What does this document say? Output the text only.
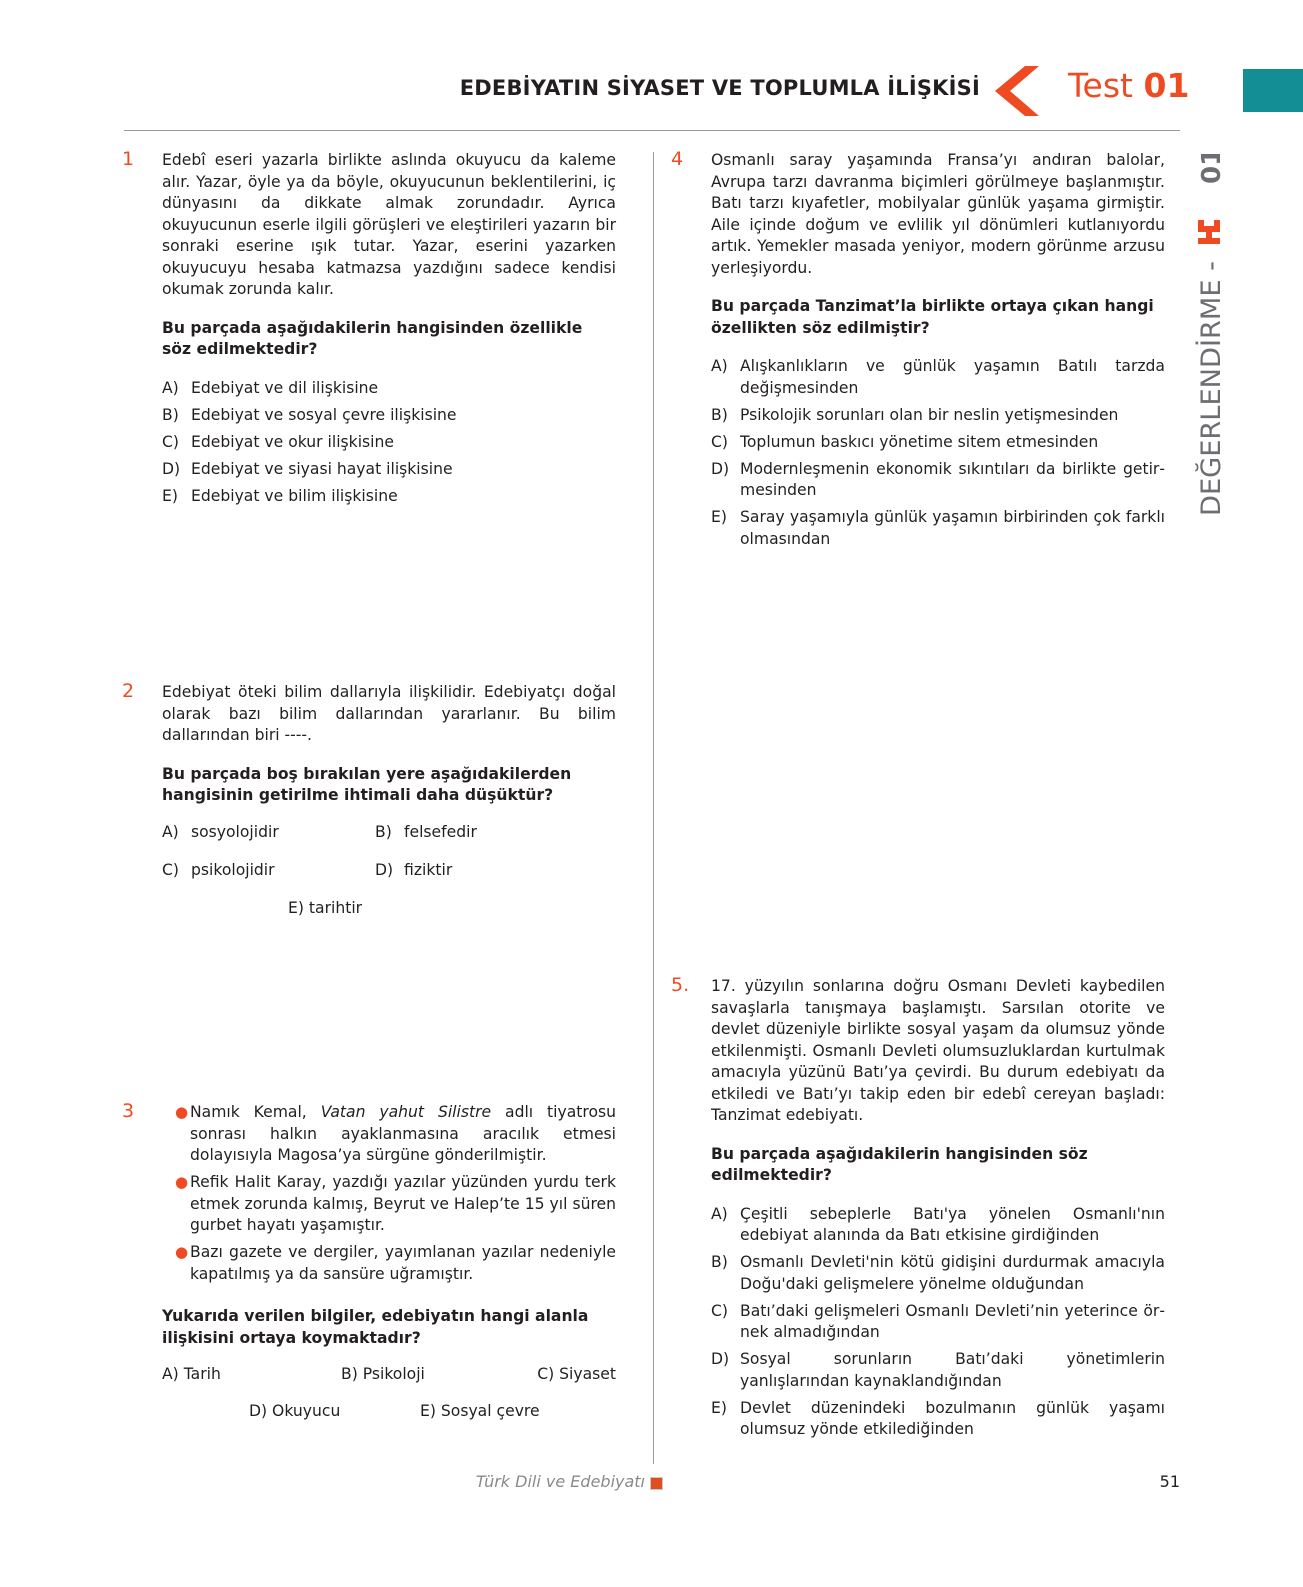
EDEBİYATIN SİYASET VE TOPLUMLA İLİŞKİSİ	Test 01
01
DEĞERLENDİRME -
1 Edebî eseri yazarla birlikte aslında okuyucu da kaleme alır. Yazar, öyle ya da böyle, okuyucunun beklentilerini, iç dünyasını da dikkate almak zorundadır. Ayrıca okuyucunun eserle ilgili görüşleri ve eleştirileri yazarın bir sonraki eserine ışık tutar. Yazar, eserini yazarken okuyucuyu hesaba katmazsa yazdığını sadece kendisi okumak zorunda kalır.
Bu parçada aşağıdakilerin hangisinden özellikle söz edilmektedir?
A) Edebiyat ve dil ilişkisine
B) Edebiyat ve sosyal çevre ilişkisine
C) Edebiyat ve okur ilişkisine
D) Edebiyat ve siyasi hayat ilişkisine
E) Edebiyat ve bilim ilişkisine
2 Edebiyat öteki bilim dallarıyla ilişkilidir. Edebiyatçı doğal olarak bazı bilim dallarından yararlanır. Bu bilim dallarından biri ----.
Bu parçada boş bırakılan yere aşağıdakilerden hangisinin getirilme ihtimali daha düşüktür?
A) sosyolojidir	B) felsefedir
C) psikolojidir	D) fiziktir
E) tarihtir
3	● Namık Kemal, Vatan yahut Silistre adlı tiyatrosu sonrası halkın ayaklanmasına aracılık etmesi dolayısıyla Magosa’ya sürgüne gönderilmiştir.
● Refik Halit Karay, yazdığı yazılar yüzünden yurdu terk etmek zorunda kalmış, Beyrut ve Halep’te 15 yıl süren gurbet hayatı yaşamıştır.
● Bazı gazete ve dergiler, yayımlanan yazılar nedeniyle kapatılmış ya da sansüre uğramıştır.
Yukarıda verilen bilgiler, edebiyatın hangi alanla ilişkisini ortaya koymaktadır?
A) Tarih	B) Psikoloji	C) Siyaset
D) Okuyucu	E) Sosyal çevre
4 Osmanlı saray yaşamında Fransa’yı andıran balolar, Avrupa tarzı davranma biçimleri görülmeye başlanmıştır. Batı tarzı kıyafetler, mobilyalar günlük yaşama girmiştir. Aile içinde doğum ve evlilik yıl dönümleri kutlanıyordu artık. Yemekler masada yeniyor, modern görünme arzusu yerleşiyordu.
Bu parçada Tanzimat’la birlikte ortaya çıkan hangi özellikten söz edilmiştir?
A) Alışkanlıkların ve günlük yaşamın Batılı tarzda değişmesinden
B) Psikolojik sorunları olan bir neslin yetişmesinden
C) Toplumun baskıcı yönetime sitem etmesinden
D) Modernleşmenin ekonomik sıkıntıları da birlikte getirmesinden
E) Saray yaşamıyla günlük yaşamın birbirinden çok farklı olmasından
5. 17. yüzyılın sonlarına doğru Osmanı Devleti kaybedilen savaşlarla tanışmaya başlamıştı. Sarsılan otorite ve devlet düzeniyle birlikte sosyal yaşam da olumsuz yönde etkilenmişti. Osmanlı Devleti olumsuzluklardan kurtulmak amacıyla yüzünü Batı’ya çevirdi. Bu durum edebiyatı da etkiledi ve Batı’yı takip eden bir edebî cereyan başladı: Tanzimat edebiyatı.
Bu parçada aşağıdakilerin hangisinden söz edilmektedir?
A) Çeşitli sebeplerle Batı'ya yönelen Osmanlı'nın edebiyat alanında da Batı etkisine girdiğinden
B) Osmanlı Devleti'nin kötü gidişini durdurmak amacıyla Doğu'daki gelişmelere yönelme olduğundan
C) Batı’daki gelişmeleri Osmanlı Devleti’nin yeterince örnek almadığından
D) Sosyal sorunların Batı’daki yönetimlerin yanlışlarından kaynaklandığından
E) Devlet düzenindeki bozulmanın günlük yaşamı olumsuz yönde etkilediğinden
Türk Dili ve Edebiyatı	51
